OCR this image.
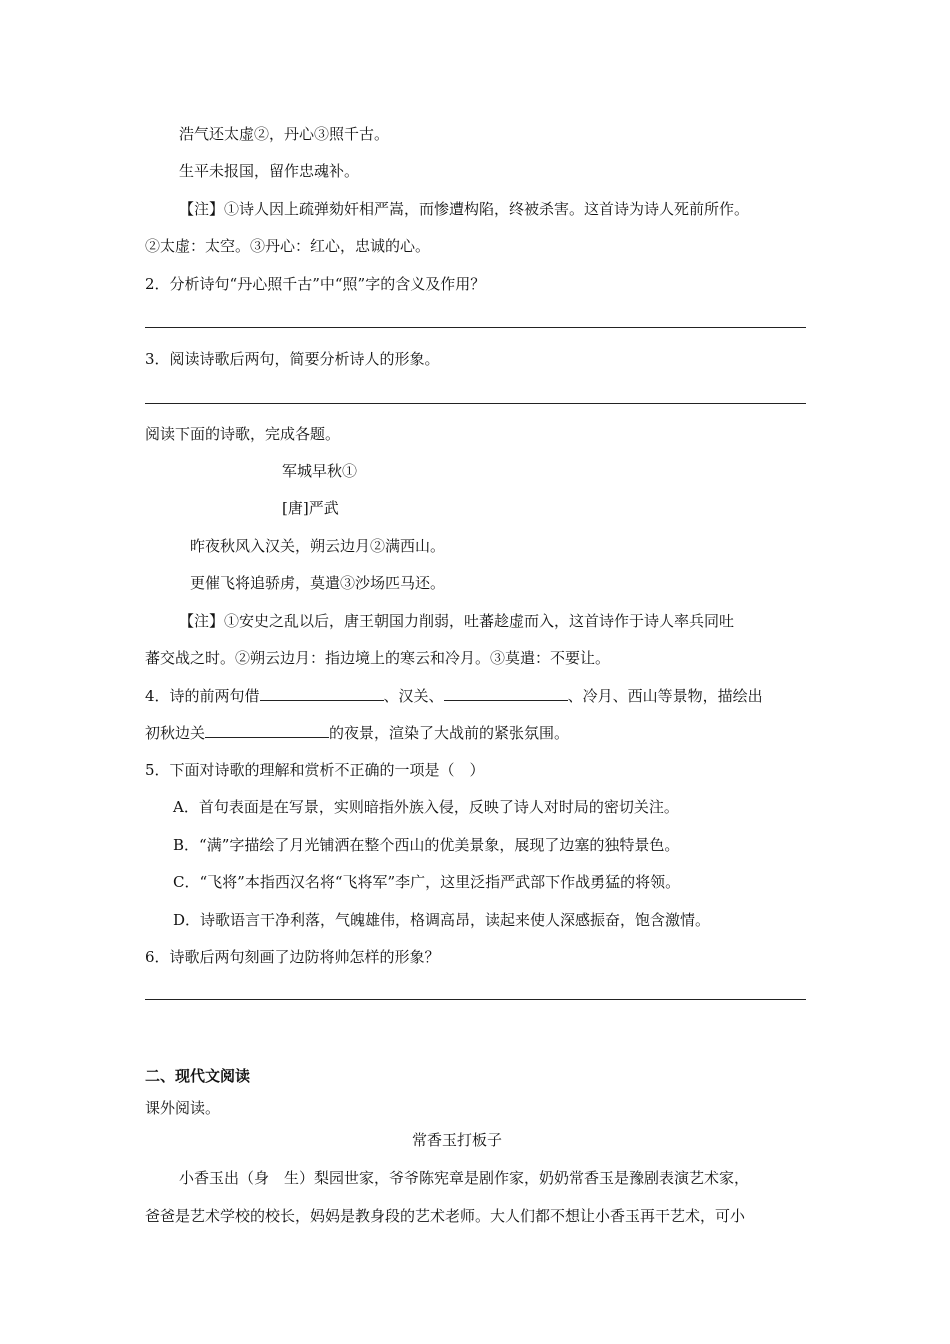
浩气还太虚②，丹心③照千古。
生平未报国，留作忠魂补。
【注】①诗人因上疏弹劾奸相严嵩，而惨遭构陷，终被杀害。这首诗为诗人死前所作。
②太虚：太空。③丹心：红心，忠诚的心。
2．分析诗句“丹心照千古”中“照”字的含义及作用？
3．阅读诗歌后两句，简要分析诗人的形象。
阅读下面的诗歌，完成各题。
军城早秋①
[唐]严武
昨夜秋风入汉关，朔云边月②满西山。
更催飞将追骄虏，莫遣③沙场匹马还。
【注】①安史之乱以后，唐王朝国力削弱，吐蕃趁虚而入，这首诗作于诗人率兵同吐
蕃交战之时。②朔云边月：指边境上的寒云和冷月。③莫遣：不要让。
4．诗的前两句借	、汉关、	、冷月、西山等景物，描绘出
初秋边关	的夜景，渲染了大战前的紧张氛围。
5．下面对诗歌的理解和赏析不正确的一项是（　）
A．首句表面是在写景，实则暗指外族入侵，反映了诗人对时局的密切关注。
B．“满”字描绘了月光铺洒在整个西山的优美景象，展现了边塞的独特景色。
C．“飞将”本指西汉名将“飞将军”李广，这里泛指严武部下作战勇猛的将领。
D．诗歌语言干净利落，气魄雄伟，格调高昂，读起来使人深感振奋，饱含激情。
6．诗歌后两句刻画了边防将帅怎样的形象？
二、现代文阅读
课外阅读。
常香玉打板子
小香玉出（身　生）梨园世家，爷爷陈宪章是剧作家，奶奶常香玉是豫剧表演艺术家，
爸爸是艺术学校的校长，妈妈是教身段的艺术老师。大人们都不想让小香玉再干艺术，可小
